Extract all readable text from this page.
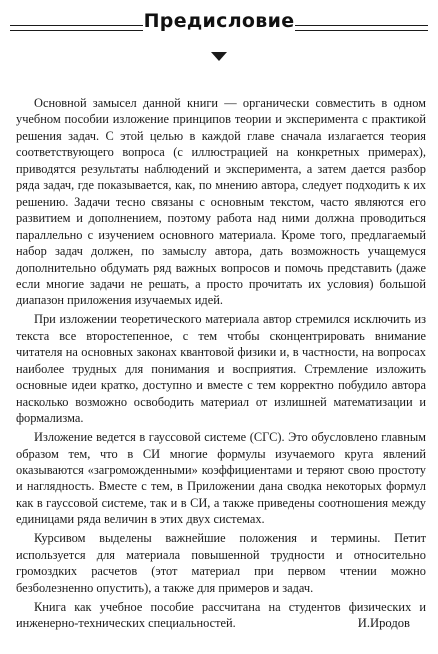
Предисловие

Основной замысел данной книги — органически совместить в одном учебном пособии изложение принципов теории и эксперимента с практикой решения задач. С этой целью в каждой главе сначала излагается теория соответствующего вопроса (с иллюстрацией на конкретных примерах), приводятся результаты наблюдений и эксперимента, а затем дается разбор ряда задач, где показывается, как, по мнению автора, следует подходить к их решению. Задачи тесно связаны с основным текстом, часто являются его развитием и дополнением, поэтому работа над ними должна проводиться параллельно с изучением основного материала. Кроме того, предлагаемый набор задач должен, по замыслу автора, дать возможность учащемуся дополнительно обдумать ряд важных вопросов и помочь представить (даже если многие задачи не решать, а просто прочитать их условия) большой диапазон приложения изучаемых идей.

При изложении теоретического материала автор стремился исключить из текста все второстепенное, с тем чтобы сконцентрировать внимание читателя на основных законах квантовой физики и, в частности, на вопросах наиболее трудных для понимания и восприятия. Стремление изложить основные идеи кратко, доступно и вместе с тем корректно побудило автора насколько возможно освободить материал от излишней математизации и формализма.

Изложение ведется в гауссовой системе (СГС). Это обусловлено главным образом тем, что в СИ многие формулы изучаемого круга явлений оказываются «загроможденными» коэффициентами и теряют свою простоту и наглядность. Вместе с тем, в Приложении дана сводка некоторых формул как в гауссовой системе, так и в СИ, а также приведены соотношения между единицами ряда величин в этих двух системах.

Курсивом выделены важнейшие положения и термины. Петит используется для материала повышенной трудности и относительно громоздких расчетов (этот материал при первом чтении можно безболезненно опустить), а также для примеров и задач.

Книга как учебное пособие рассчитана на студентов физических и инженерно-технических специальностей.	И.Иродов
